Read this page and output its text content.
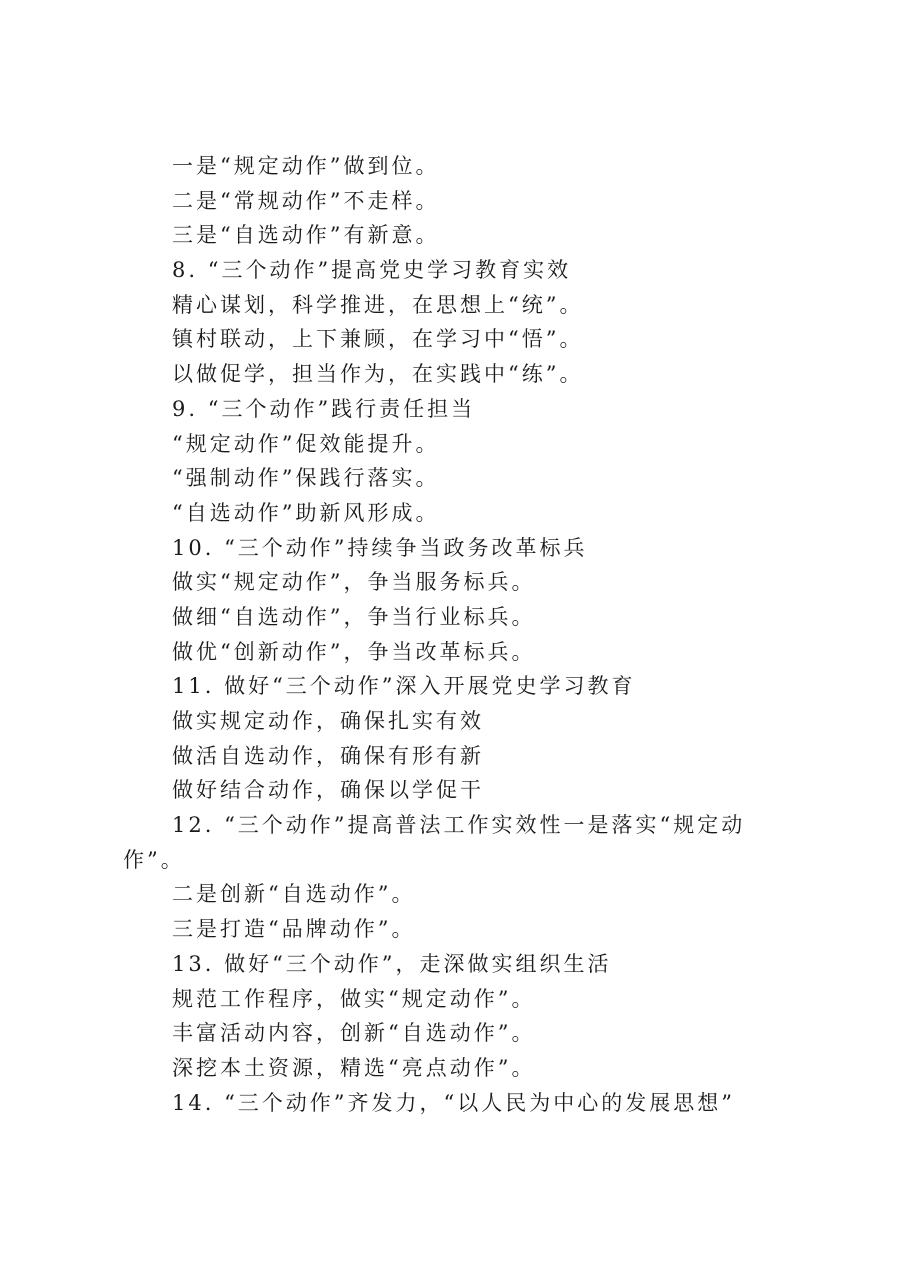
一是“规定动作”做到位。
二是“常规动作”不走样。
三是“自选动作”有新意。
8. “三个动作”提高党史学习教育实效
精心谋划，科学推进，在思想上“统”。
镇村联动，上下兼顾，在学习中“悟”。
以做促学，担当作为，在实践中“练”。
9. “三个动作”践行责任担当
“规定动作”促效能提升。
“强制动作”保践行落实。
“自选动作”助新风形成。
10. “三个动作”持续争当政务改革标兵
做实“规定动作”，争当服务标兵。
做细“自选动作”，争当行业标兵。
做优“创新动作”，争当改革标兵。
11. 做好“三个动作”深入开展党史学习教育
做实规定动作，确保扎实有效
做活自选动作，确保有形有新
做好结合动作，确保以学促干
12. “三个动作”提高普法工作实效性一是落实“规定动作”。
二是创新“自选动作”。
三是打造“品牌动作”。
13. 做好“三个动作”，走深做实组织生活
规范工作程序，做实“规定动作”。
丰富活动内容，创新“自选动作”。
深挖本土资源，精选“亮点动作”。
14. “三个动作”齐发力，“以人民为中心的发展思想”
